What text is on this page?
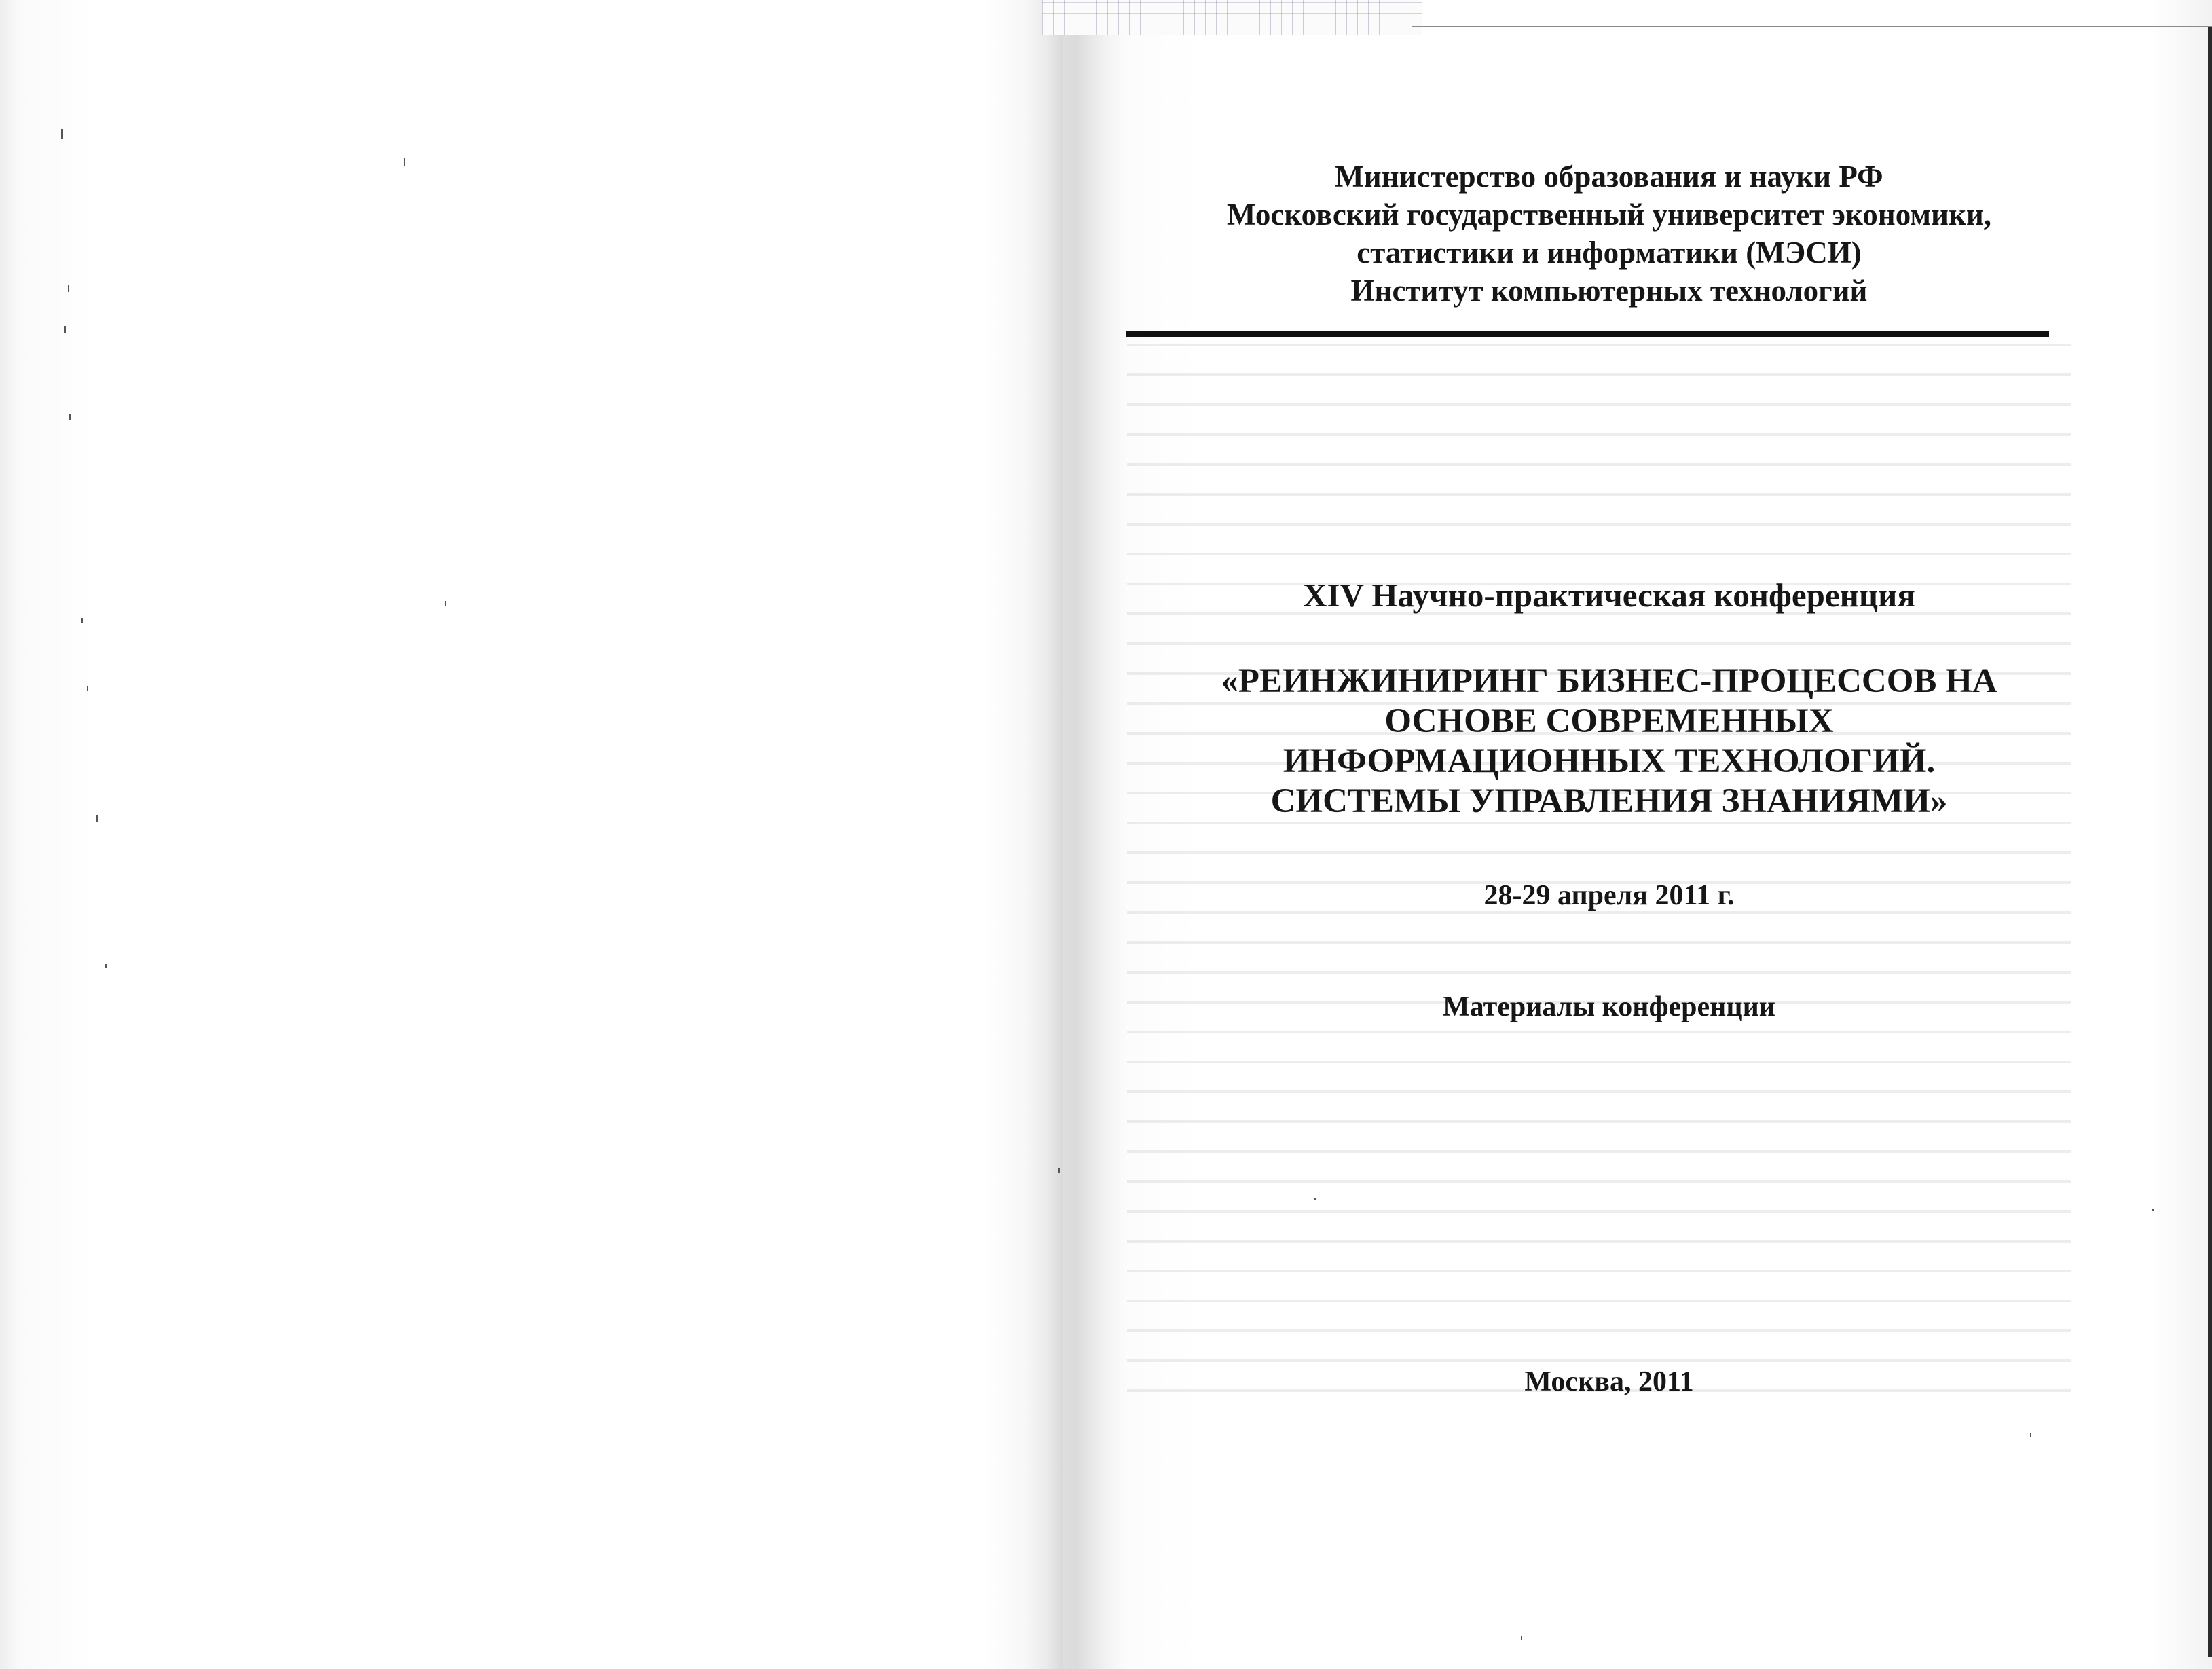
Министерство образования и науки РФ
Московский государственный университет экономики,
статистики и информатики (МЭСИ)
Институт компьютерных технологий
XIV Научно-практическая конференция
«РЕИНЖИНИРИНГ БИЗНЕС-ПРОЦЕССОВ НА
ОСНОВЕ СОВРЕМЕННЫХ
ИНФОРМАЦИОННЫХ ТЕХНОЛОГИЙ.
СИСТЕМЫ УПРАВЛЕНИЯ ЗНАНИЯМИ»
28-29 апреля 2011 г.
Материалы конференции
Москва, 2011
